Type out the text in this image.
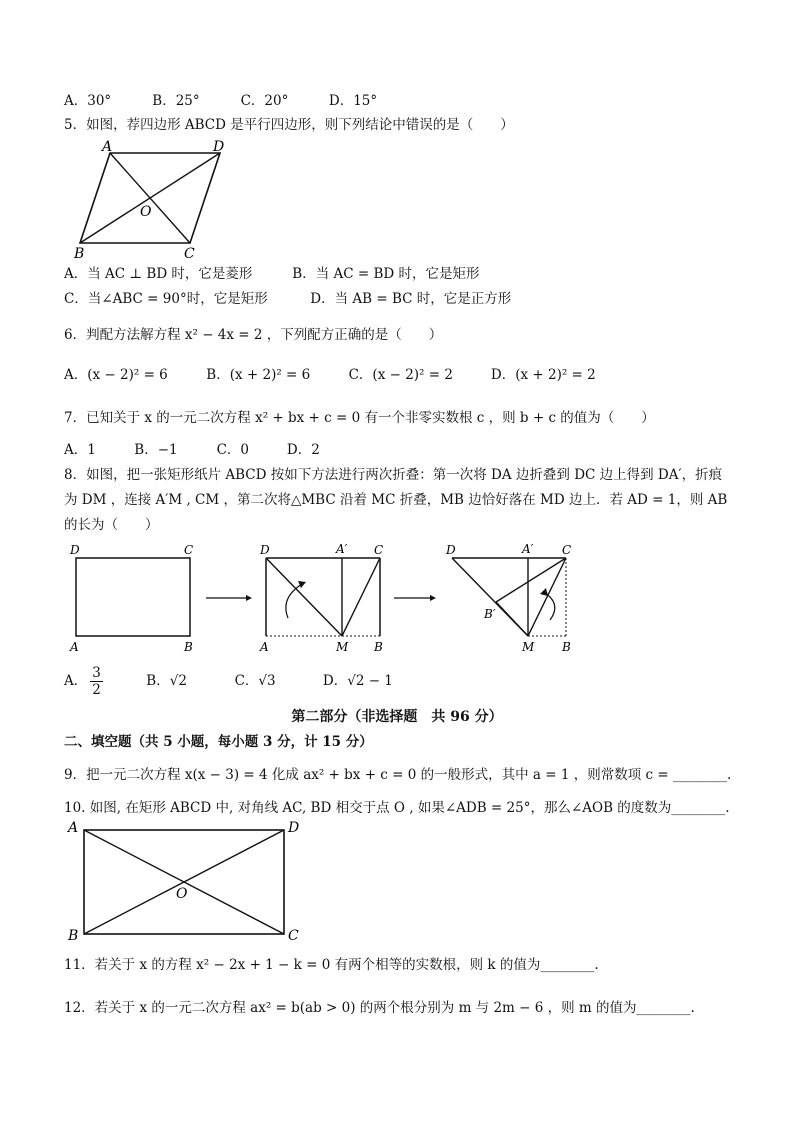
A．30°	B．25°	C．20°	D．15°
5．如图，荐四边形 ABCD 是平行四边形，则下列结论中错误的是（　　）
A	D
O
B	C
A．当 AC ⊥ BD 时，它是菱形	B．当 AC = BD 时，它是矩形
C．当∠ABC = 90°时，它是矩形	D．当 AB = BC 时，它是正方形
6．判配方法解方程 x² − 4x = 2 ，下列配方正确的是（　　）
A．(x − 2)² = 6	B．(x + 2)² = 6	C．(x − 2)² = 2	D．(x + 2)² = 2
7．已知关于 x 的一元二次方程 x² + bx + c = 0 有一个非零实数根 c ，则 b + c 的值为（　　）
A．1	B．−1	C．0	D．2
8．如图，把一张矩形纸片 ABCD 按如下方法进行两次折叠：第一次将 DA 边折叠到 DC 边上得到 DA′，折痕
为 DM ，连接 A′M , CM ，第二次将△MBC 沿着 MC 折叠，MB 边恰好落在 MD 边上．若 AD = 1，则 AB
的长为（　　）
D	C
A	B
D	A′ C
A	M B
D	A′ C
B′
M B
A． $\frac{3}{2}$	B．√2	C．√3	D．√2 − 1
第二部分（非选择题　共 96 分）
二、填空题（共 5 小题，每小题 3 分，计 15 分）
9．把一元二次方程 x(x − 3) = 4 化成 ax² + bx + c = 0 的一般形式，其中 a = 1 ，则常数项 c = ________.
10. 如图, 在矩形 ABCD 中, 对角线 AC, BD 相交于点 O , 如果∠ADB = 25°，那么∠AOB 的度数为________.
A	D
O
B	C
11．若关于 x 的方程 x² − 2x + 1 − k = 0 有两个相等的实数根，则 k 的值为________.
12．若关于 x 的一元二次方程 ax² = b(ab > 0) 的两个根分别为 m 与 2m − 6 ，则 m 的值为________.
